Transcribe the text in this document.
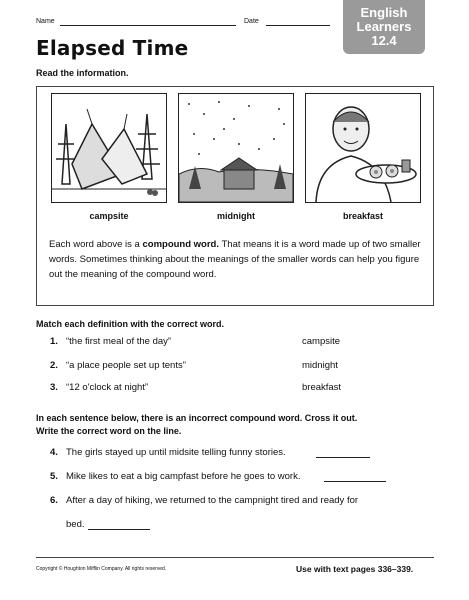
Name	Date
English
Learners
12.4
Elapsed Time
Read the information.
campsite	midnight	breakfast
Each word above is a compound word. That means it is a word made up of two smaller words. Sometimes thinking about the meanings of the smaller words can help you figure out the meaning of the compound word.
Match each definition with the correct word.
1. “the first meal of the day”	campsite
2. “a place people set up tents”	midnight
3. “12 o'clock at night”	breakfast
In each sentence below, there is an incorrect compound word. Cross it out.
Write the correct word on the line.
4. The girls stayed up until midsite telling funny stories.
5. Mike likes to eat a big campfast before he goes to work.
6. After a day of hiking, we returned to the campnight tired and ready for
bed.
Copyright © Houghton Mifflin Company. All rights reserved.	Use with text pages 336–339.
